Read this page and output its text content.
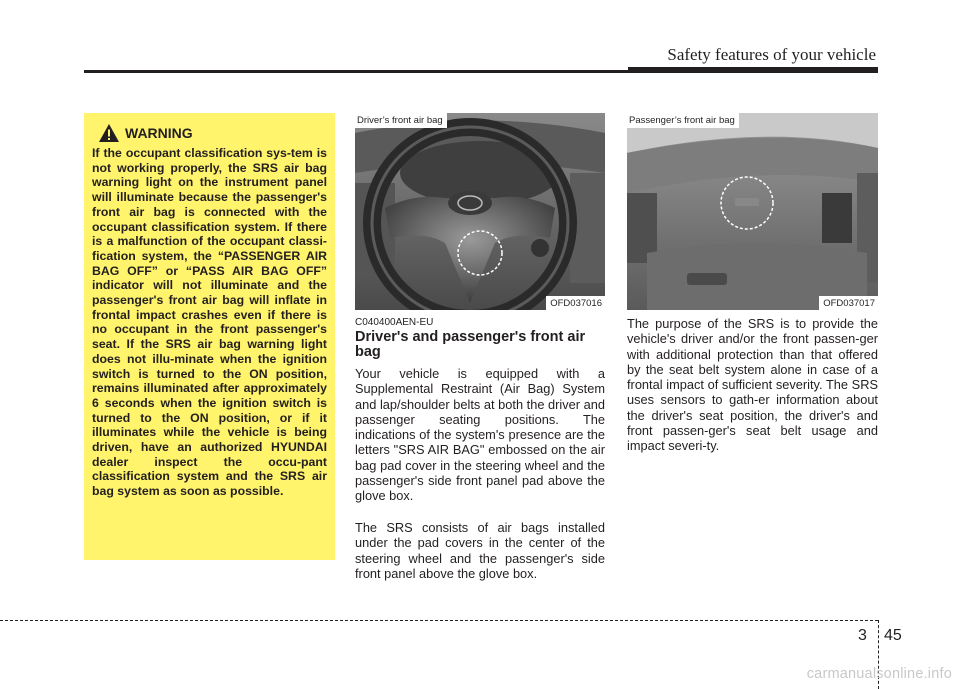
Safety features of your vehicle
WARNING

If the occupant classification sys-tem is not working properly, the SRS air bag warning light on the instrument panel will illuminate because the passenger's front air bag is connected with the occupant classification system. If there is a malfunction of the occupant classi-fication system, the “PASSENGER AIR BAG OFF” or “PASS AIR BAG OFF” indicator will not illuminate and the passenger's front air bag will inflate in frontal impact crashes even if there is no occupant in the front passenger's seat. If the SRS air bag warning light does not illu-minate when the ignition switch is turned to the ON position, remains illuminated after approximately 6 seconds when the ignition switch is turned to the ON position, or if it illuminates while the vehicle is being driven, have an authorized HYUNDAI dealer inspect the occu-pant classification system and the SRS air bag system as soon as possible.

Driver’s front air bag
OFD037016
Passenger’s front air bag
OFD037017
C040400AEN-EU
Driver's and passenger's front air bag

Your vehicle is equipped with a Supplemental Restraint (Air Bag) System and lap/shoulder belts at both the driver and passenger seating positions. The indications of the system's presence are the letters "SRS AIR BAG" embossed on the air bag pad cover in the steering wheel and the passenger's side front panel pad above the glove box.

The SRS consists of air bags installed under the pad covers in the center of the steering wheel and the passenger's side front panel above the glove box.

The purpose of the SRS is to provide the vehicle's driver and/or the front passen-ger with additional protection than that offered by the seat belt system alone in case of a frontal impact of sufficient severity. The SRS uses sensors to gath-er information about the driver's seat position, the driver's and front passen-ger's seat belt usage and impact severi-ty.

3 45
carmanualsonline.info
